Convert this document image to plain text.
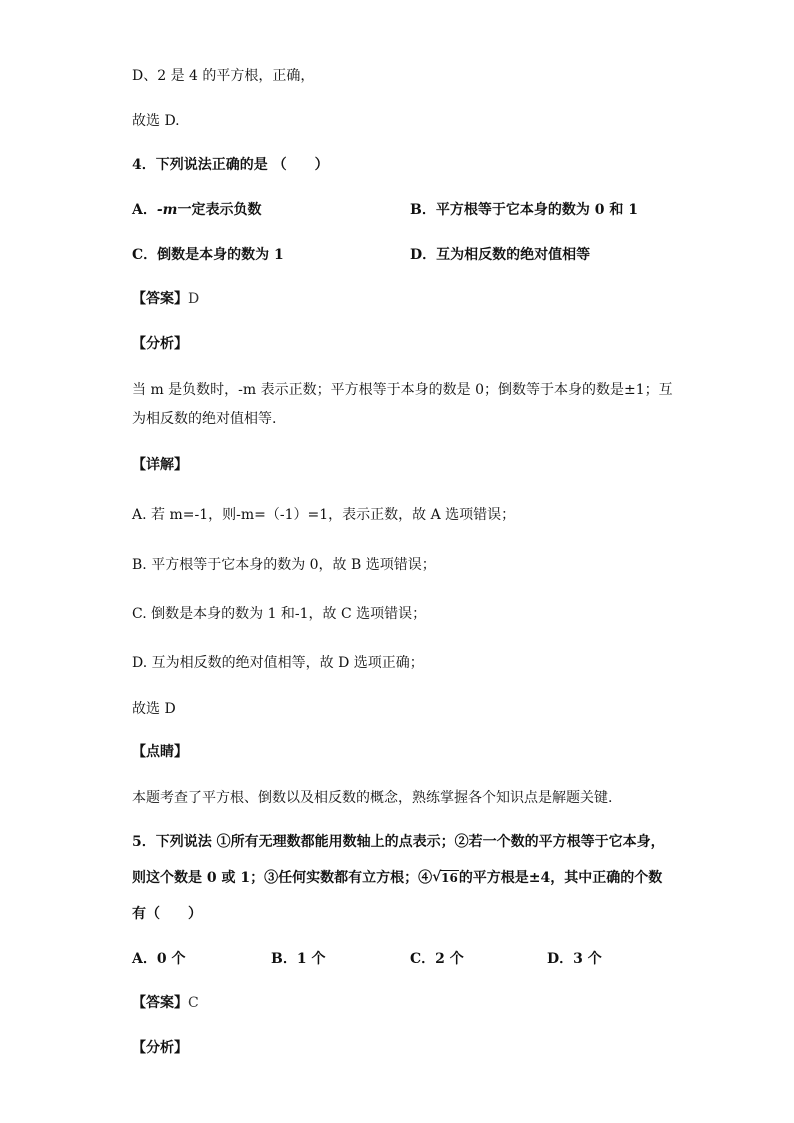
D、2 是 4 的平方根，正确，
故选 D.
4．下列说法正确的是 （　　）
A．-m一定表示负数	B．平方根等于它本身的数为 0 和 1
C．倒数是本身的数为 1	D．互为相反数的绝对值相等
【答案】D
【分析】
当 m 是负数时，-m 表示正数；平方根等于本身的数是 0；倒数等于本身的数是±1；互
为相反数的绝对值相等.
【详解】
A. 若 m=-1，则-m=（-1）=1，表示正数，故 A 选项错误；
B. 平方根等于它本身的数为 0，故 B 选项错误；
C. 倒数是本身的数为 1 和-1，故 C 选项错误；
D. 互为相反数的绝对值相等，故 D 选项正确；
故选 D
【点睛】
本题考查了平方根、倒数以及相反数的概念，熟练掌握各个知识点是解题关键.
5．下列说法 ①所有无理数都能用数轴上的点表示；②若一个数的平方根等于它本身，
则这个数是 0 或 1；③任何实数都有立方根；④ √ 16的平方根是±4，其中正确的个数
有（　　）
A．0 个	B．1 个	C．2 个	D．3 个
【答案】C
【分析】
